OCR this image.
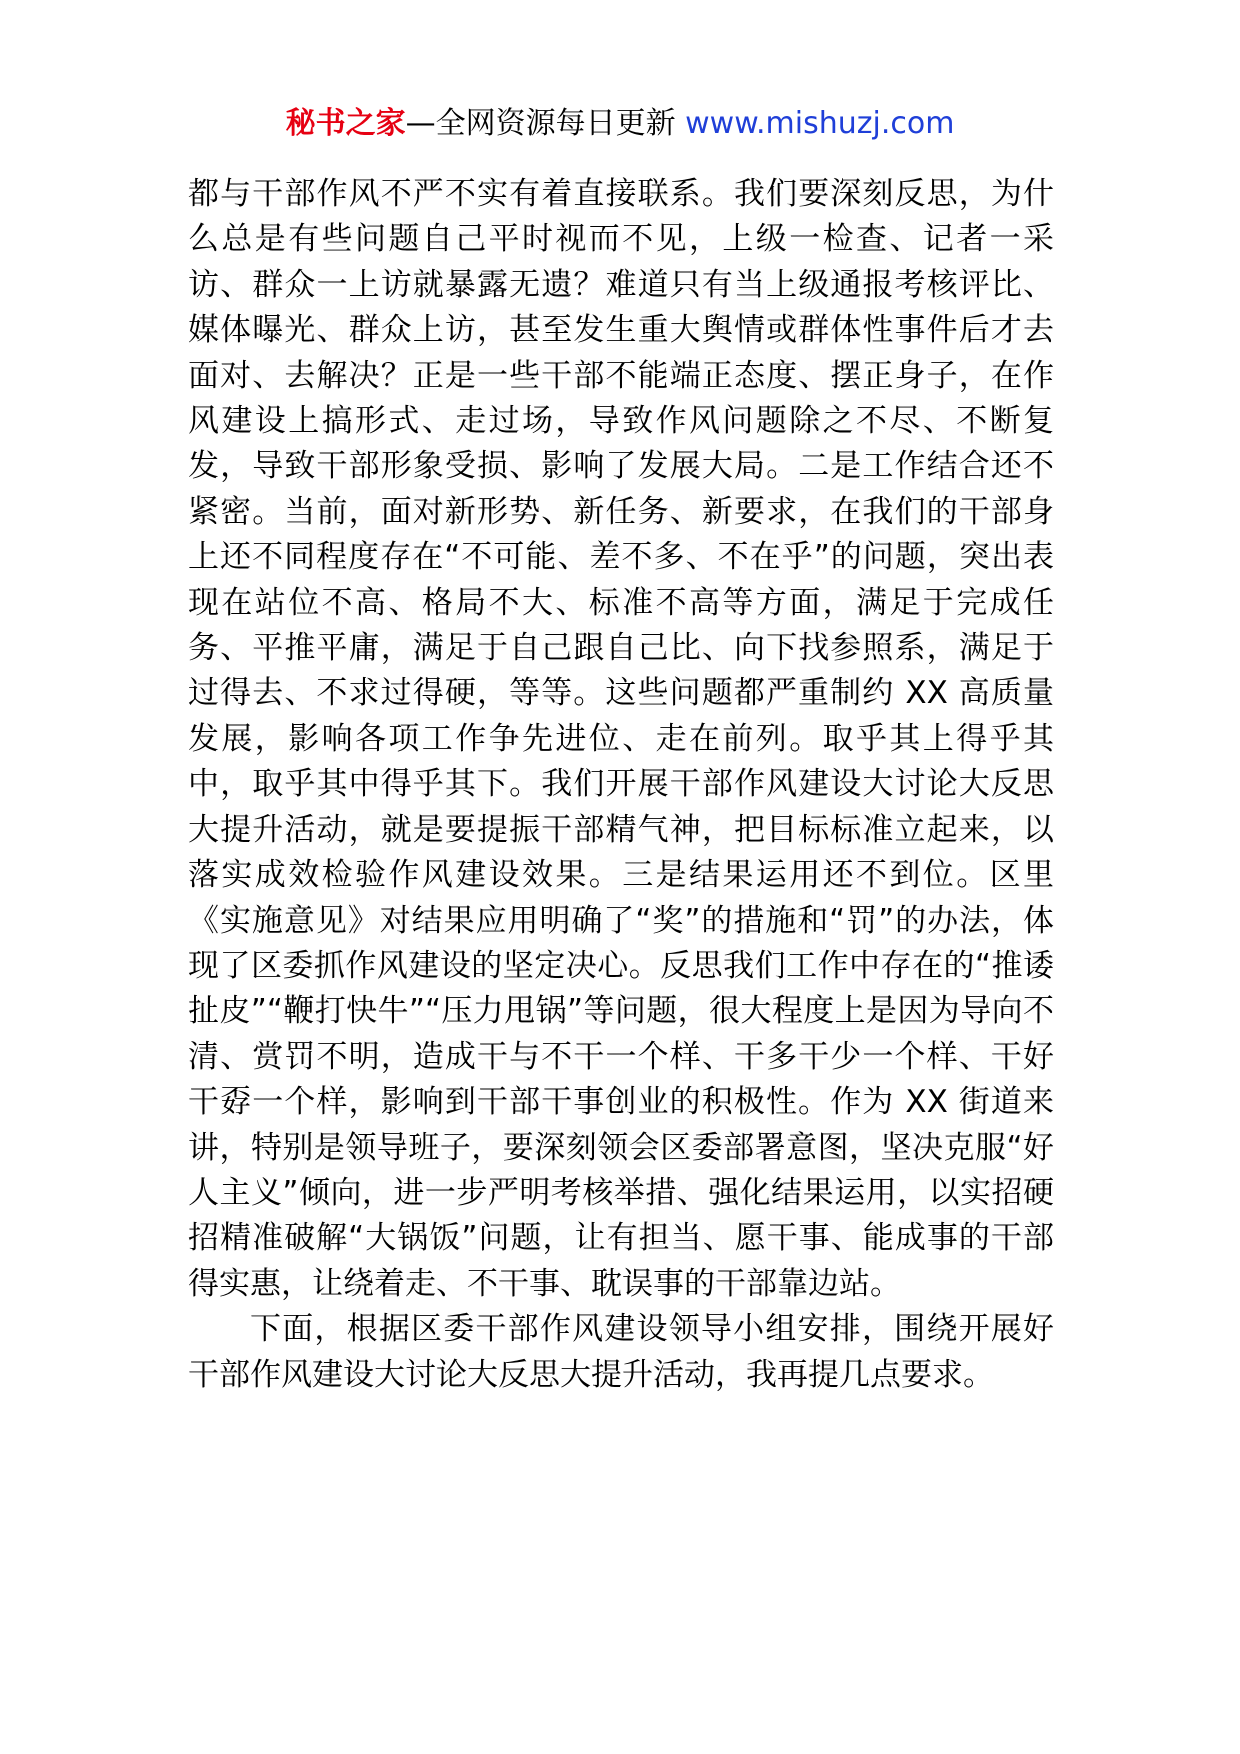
秘书之家—全网资源每日更新 www.mishuzj.com

都与干部作风不严不实有着直接联系。我们要深刻反思，为什么总是有些问题自己平时视而不见，上级一检查、记者一采访、群众一上访就暴露无遗？难道只有当上级通报考核评比、媒体曝光、群众上访，甚至发生重大舆情或群体性事件后才去面对、去解决？正是一些干部不能端正态度、摆正身子，在作风建设上搞形式、走过场，导致作风问题除之不尽、不断复发，导致干部形象受损、影响了发展大局。二是工作结合还不紧密。当前，面对新形势、新任务、新要求，在我们的干部身上还不同程度存在“不可能、差不多、不在乎”的问题，突出表现在站位不高、格局不大、标准不高等方面，满足于完成任务、平推平庸，满足于自己跟自己比、向下找参照系，满足于过得去、不求过得硬，等等。这些问题都严重制约 XX 高质量发展，影响各项工作争先进位、走在前列。取乎其上得乎其中，取乎其中得乎其下。我们开展干部作风建设大讨论大反思大提升活动，就是要提振干部精气神，把目标标准立起来，以落实成效检验作风建设效果。三是结果运用还不到位。区里《实施意见》对结果应用明确了“奖”的措施和“罚”的办法，体现了区委抓作风建设的坚定决心。反思我们工作中存在的“推诿扯皮”“鞭打快牛”“压力甩锅”等问题，很大程度上是因为导向不清、赏罚不明，造成干与不干一个样、干多干少一个样、干好干孬一个样，影响到干部干事创业的积极性。作为 XX 街道来讲，特别是领导班子，要深刻领会区委部署意图，坚决克服“好人主义”倾向，进一步严明考核举措、强化结果运用，以实招硬招精准破解“大锅饭”问题，让有担当、愿干事、能成事的干部得实惠，让绕着走、不干事、耽误事的干部靠边站。

下面，根据区委干部作风建设领导小组安排，围绕开展好干部作风建设大讨论大反思大提升活动，我再提几点要求。
